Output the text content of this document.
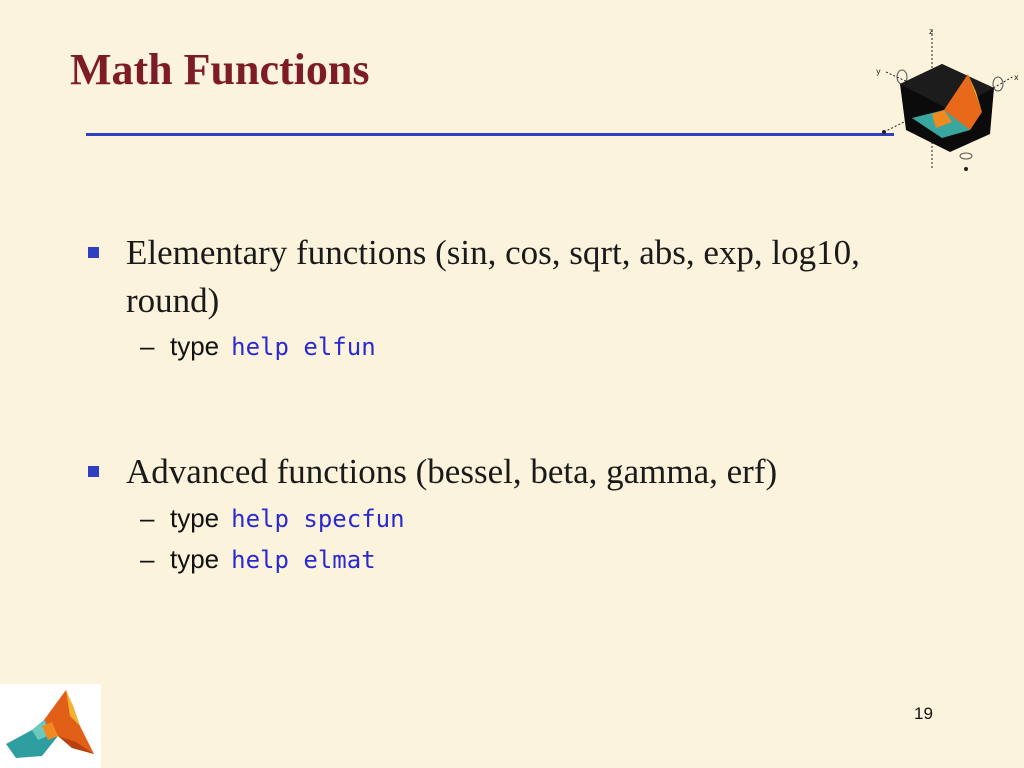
Math Functions
z
y
x
Elementary functions (sin, cos, sqrt, abs, exp, log10, round)
– type help elfun
Advanced functions (bessel, beta, gamma, erf)
– type help specfun
– type help elmat
19
